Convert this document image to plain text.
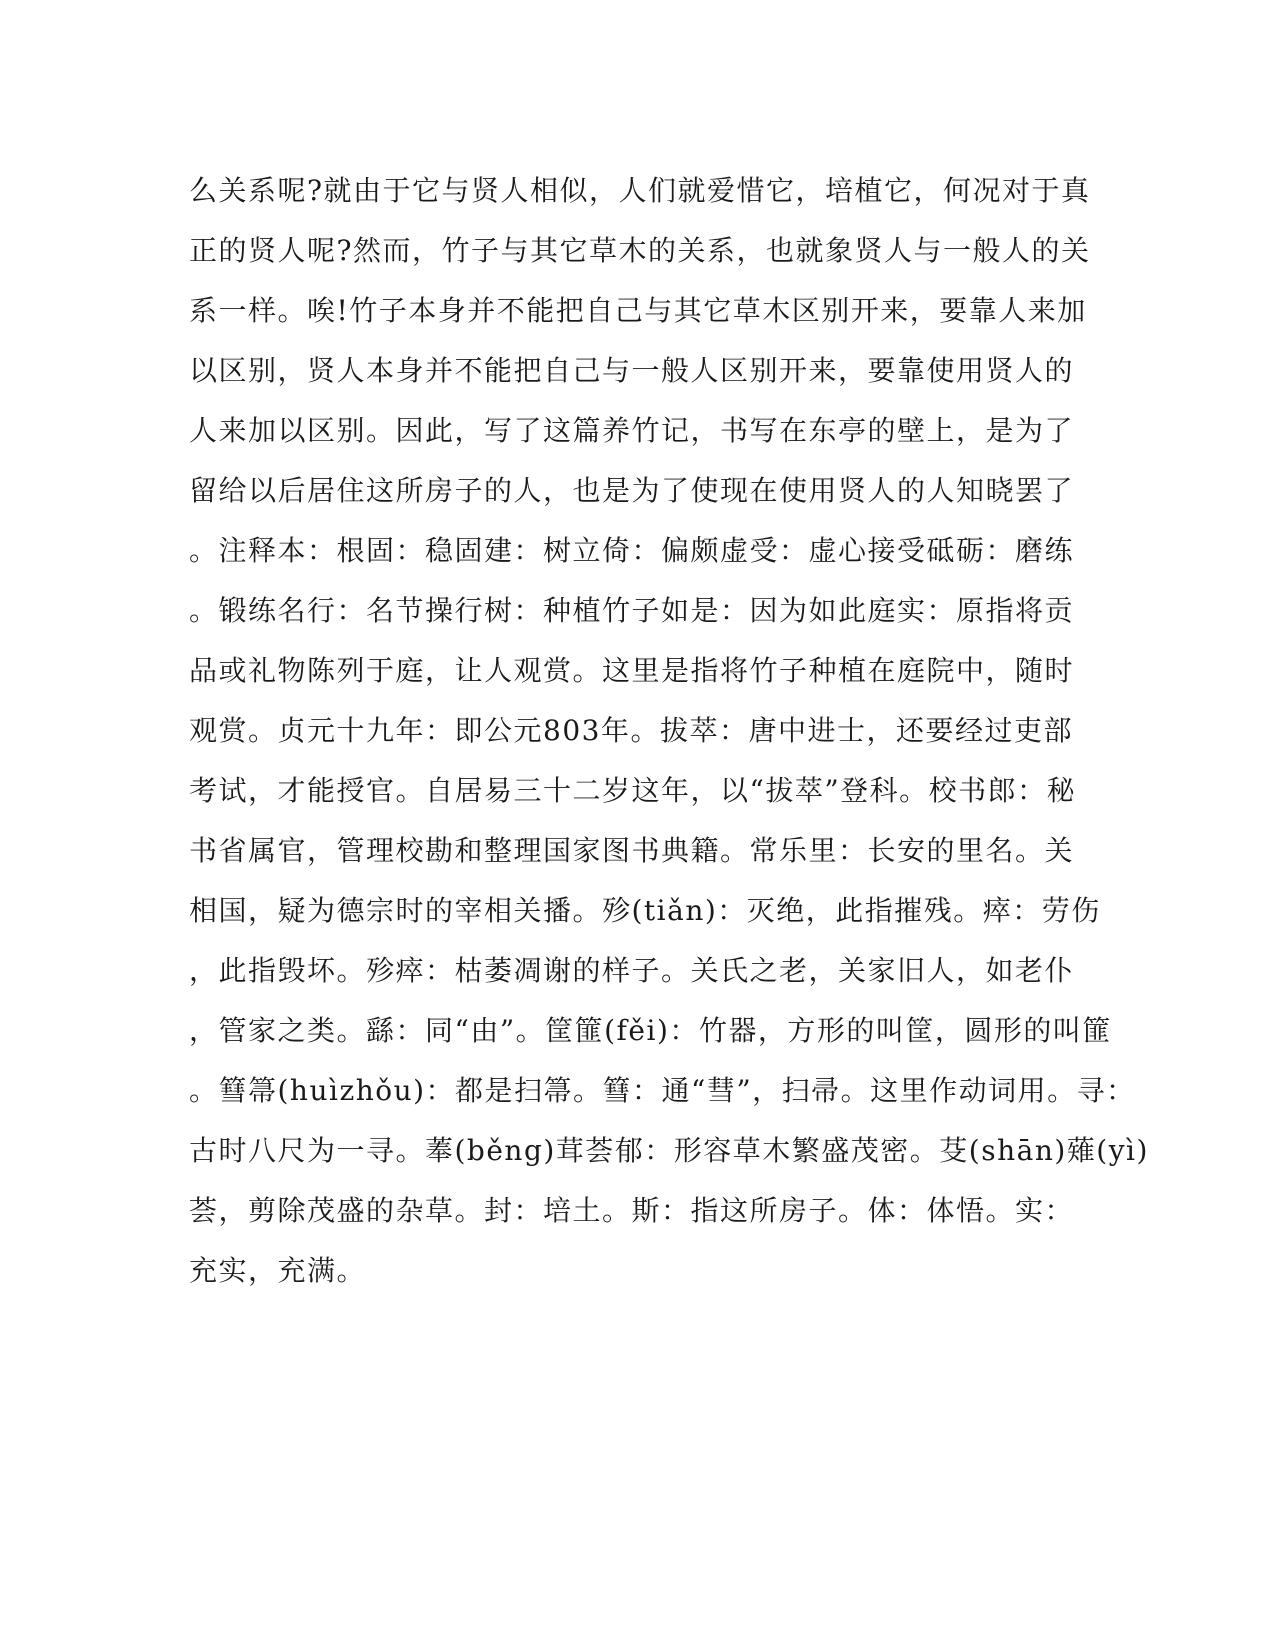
么关系呢?就由于它与贤人相似，人们就爱惜它，培植它，何况对于真
正的贤人呢?然而，竹子与其它草木的关系，也就象贤人与一般人的关
系一样。唉!竹子本身并不能把自己与其它草木区别开来，要靠人来加
以区别，贤人本身并不能把自己与一般人区别开来，要靠使用贤人的
人来加以区别。因此，写了这篇养竹记，书写在东亭的壁上，是为了
留给以后居住这所房子的人，也是为了使现在使用贤人的人知晓罢了
。注释本：根固：稳固建：树立倚：偏颇虚受：虚心接受砥砺：磨练
。锻练名行：名节操行树：种植竹子如是：因为如此庭实：原指将贡
品或礼物陈列于庭，让人观赏。这里是指将竹子种植在庭院中，随时
观赏。贞元十九年：即公元803年。拔萃：唐中进士，还要经过吏部
考试，才能授官。自居易三十二岁这年，以“拔萃”登科。校书郎：秘
书省属官，管理校勘和整理国家图书典籍。常乐里：长安的里名。关
相国，疑为德宗时的宰相关播。殄(tiǎn)：灭绝，此指摧残。瘁：劳伤
，此指毁坏。殄瘁：枯萎凋谢的样子。关氏之老，关家旧人，如老仆
，管家之类。繇：同“由”。筐篚(fěi)：竹器，方形的叫筐，圆形的叫篚
。篲箒(huìzhǒu)：都是扫箒。篲：通“彗”，扫帚。这里作动词用。寻：
古时八尺为一寻。菶(běng)茸荟郁：形容草木繁盛茂密。芟(shān)薙(yì)
荟，剪除茂盛的杂草。封：培土。斯：指这所房子。体：体悟。实：
充实，充满。
